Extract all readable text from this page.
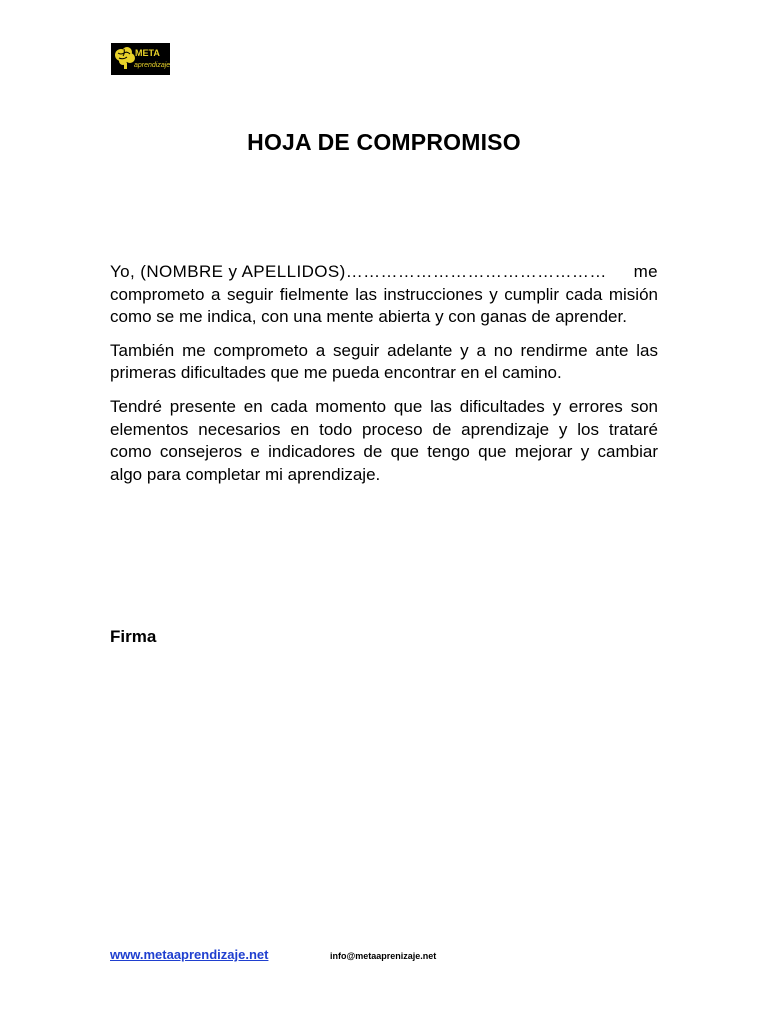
META
aprendizaje
HOJA DE COMPROMISO

Yo, (NOMBRE y APELLIDOS)……………………………………… me
comprometo a seguir fielmente las instrucciones y cumplir cada misión como se me indica, con una mente abierta y con ganas de aprender.

También me comprometo a seguir adelante y a no rendirme ante las primeras dificultades que me pueda encontrar en el camino.

Tendré presente en cada momento que las dificultades y errores son elementos necesarios en todo proceso de aprendizaje y los trataré como consejeros e indicadores de que tengo que mejorar y cambiar algo para completar mi aprendizaje.

Firma
www.metaaprendizaje.net	info@metaaprenizaje.net
